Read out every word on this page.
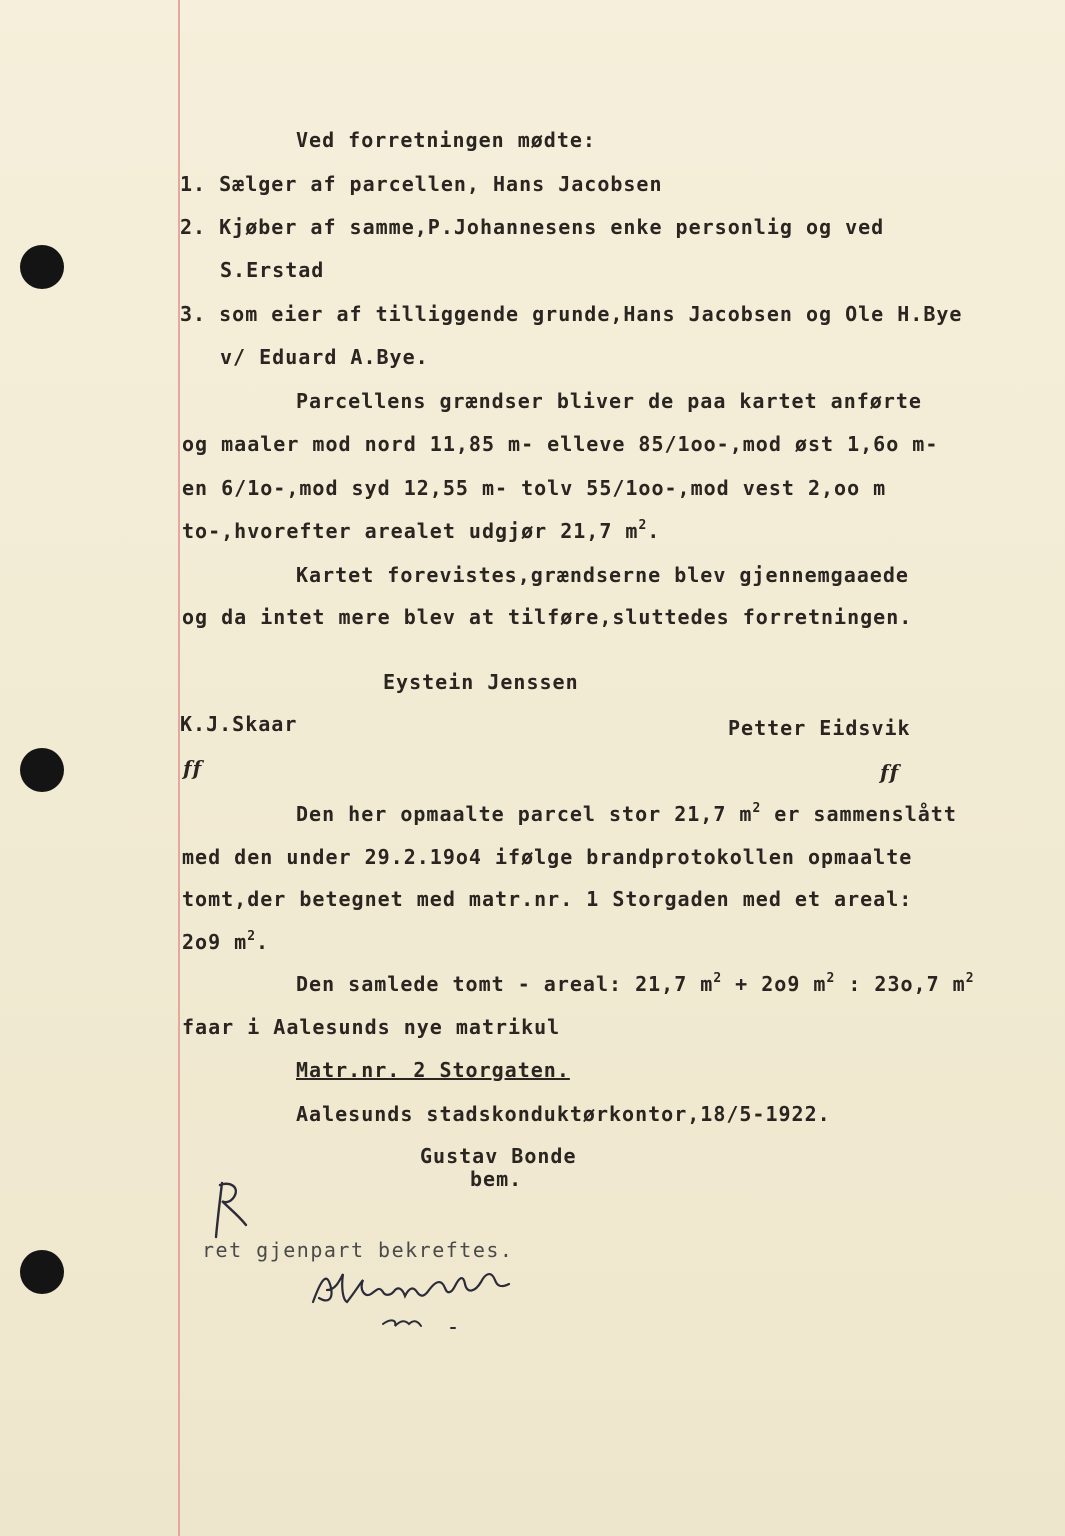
Ved forretningen mødte:
1. Sælger af parcellen, Hans Jacobsen
2. Kjøber af samme,P.Johannesens enke personlig og ved
S.Erstad
3. som eier af tilliggende grunde,Hans Jacobsen og Ole H.Bye
v/ Eduard A.Bye.
Parcellens grændser bliver de paa kartet anførte
og maaler mod nord 11,85 m- elleve 85/1oo-,mod øst 1,6o m-
en 6/1o-,mod syd 12,55 m- tolv 55/1oo-,mod vest 2,oo m
to-,hvorefter arealet udgjør 21,7 $m^2$.
Kartet forevistes,grændserne blev gjennemgaaede
og da intet mere blev at tilføre,sluttedes forretningen.
Eystein Jenssen
K.J.Skaar	Petter Eidsvik
ff	ff
Den her opmaalte parcel stor 21,7 $m^2$ er sammenslått
med den under 29.2.19o4 ifølge brandprotokollen opmaalte
tomt,der betegnet med matr.nr. 1 Storgaden med et areal:
2o9 $m^2$.
Den samlede tomt - areal: 21,7 $m^2 + 2o9$ $m^2$ : 23o,7 $m^2$
faar i Aalesunds nye matrikul
Matr.nr. 2 Storgaten.
Aalesunds stadskonduktørkontor,18/5-1922.
Gustav Bonde
bem.
ret gjenpart bekreftes.
